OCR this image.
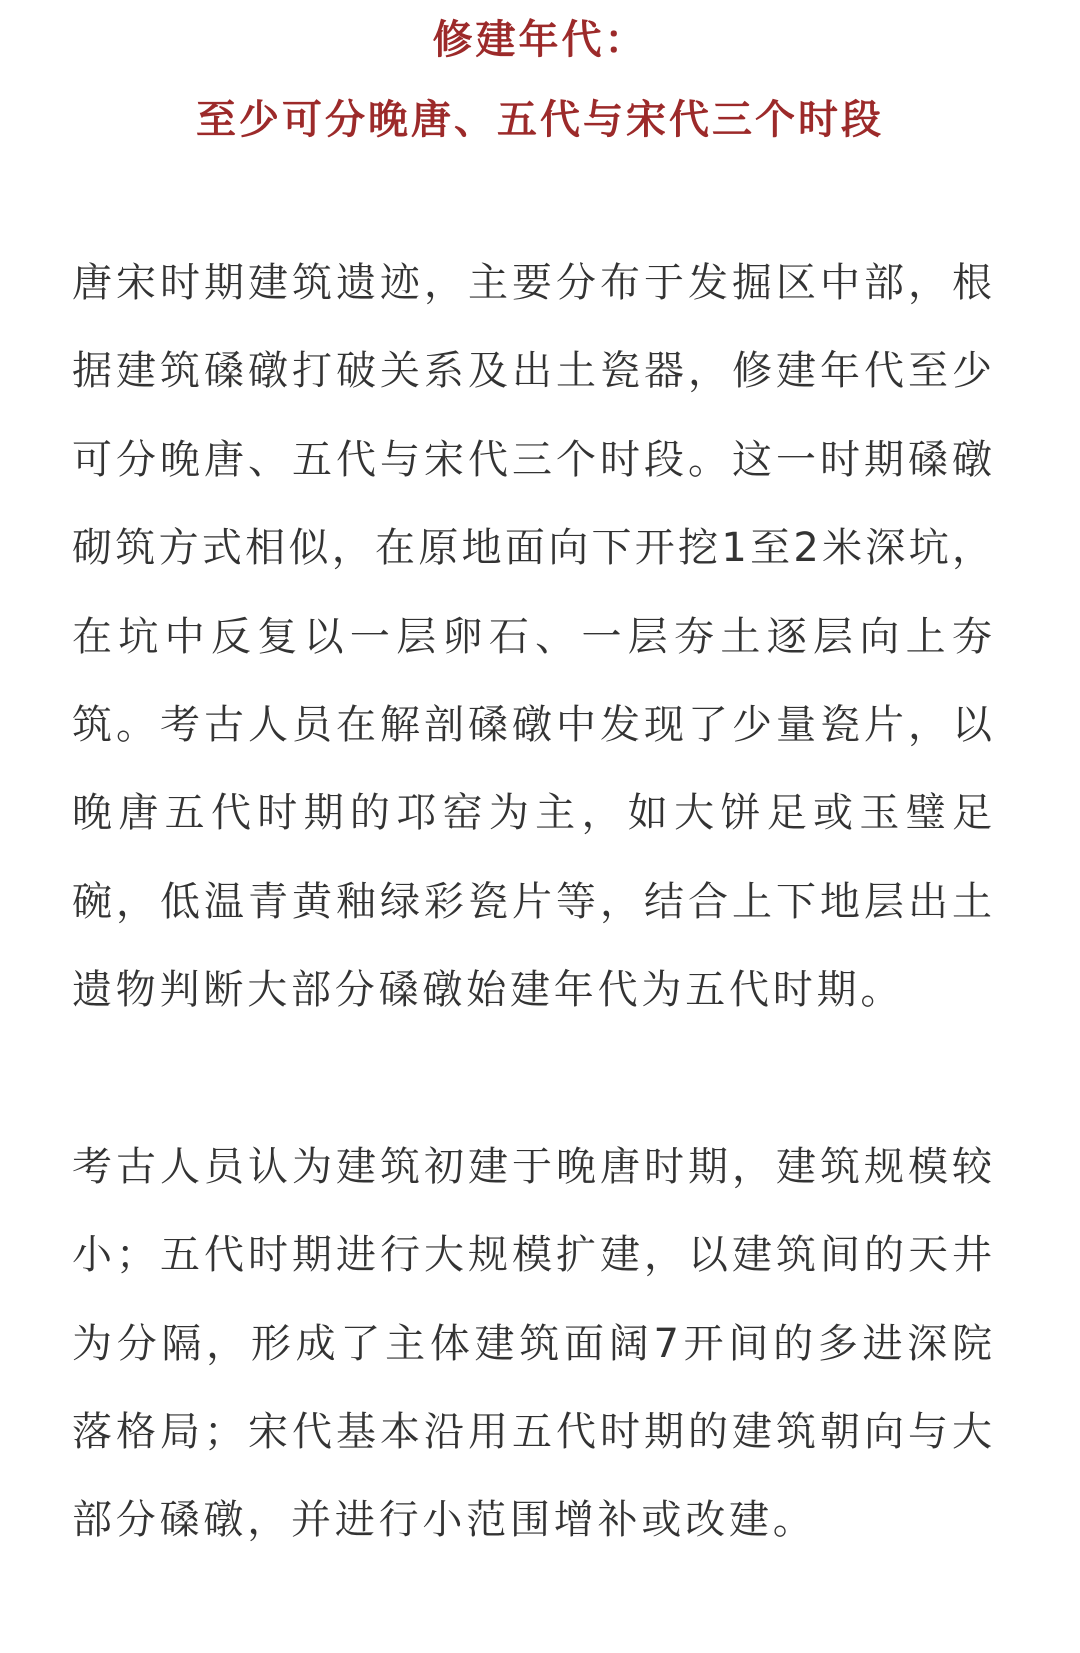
修建年代：
至少可分晚唐、五代与宋代三个时段
唐宋时期建筑遗迹，主要分布于发掘区中部，根
据建筑磉礅打破关系及出土瓷器，修建年代至少
可分晚唐、五代与宋代三个时段。这一时期磉礅
砌筑方式相似，在原地面向下开挖1至2米深坑，
在坑中反复以一层卵石、一层夯土逐层向上夯
筑。考古人员在解剖磉礅中发现了少量瓷片，以
晚唐五代时期的邛窑为主，如大饼足或玉璧足
碗，低温青黄釉绿彩瓷片等，结合上下地层出土
遗物判断大部分磉礅始建年代为五代时期。
考古人员认为建筑初建于晚唐时期，建筑规模较
小；五代时期进行大规模扩建，以建筑间的天井
为分隔，形成了主体建筑面阔7开间的多进深院
落格局；宋代基本沿用五代时期的建筑朝向与大
部分磉礅，并进行小范围增补或改建。
